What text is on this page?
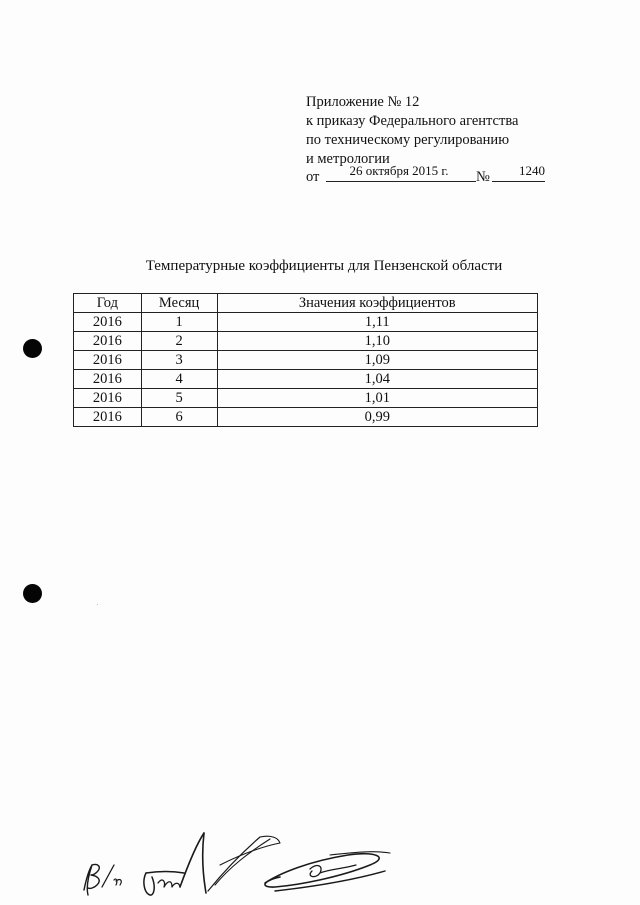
Приложение № 12
к приказу Федерального агентства
по техническому регулированию
и метрологии
от	26 октября 2015 г.	№	1240
Температурные коэффициенты для Пензенской области
Год	Месяц	Значения коэффициентов
2016	1	1,11
2016	2	1,10
2016	3	1,09
2016	4	1,04
2016	5	1,01
2016	6	0,99
